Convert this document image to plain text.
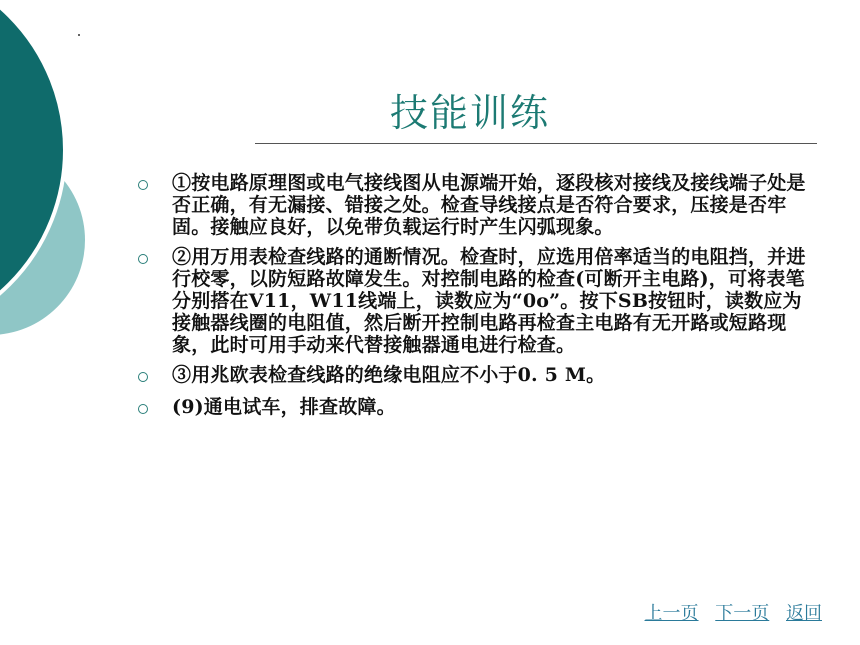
技能训练
①按电路原理图或电气接线图从电源端开始，逐段核对接线及接线端子处是否正确，有无漏接、错接之处。检查导线接点是否符合要求，压接是否牢固。接触应良好，以免带负载运行时产生闪弧现象。
②用万用表检查线路的通断情况。检查时，应选用倍率适当的电阻挡，并进行校零，以防短路故障发生。对控制电路的检查(可断开主电路)，可将表笔分别搭在V11，W11线端上，读数应为“0o”。按下SB按钮时，读数应为接触器线圈的电阻值，然后断开控制电路再检查主电路有无开路或短路现象，此时可用手动来代替接触器通电进行检查。
③用兆欧表检查线路的绝缘电阻应不小于0. 5 M。
(9)通电试车，排查故障。
上一页 下一页 返回
